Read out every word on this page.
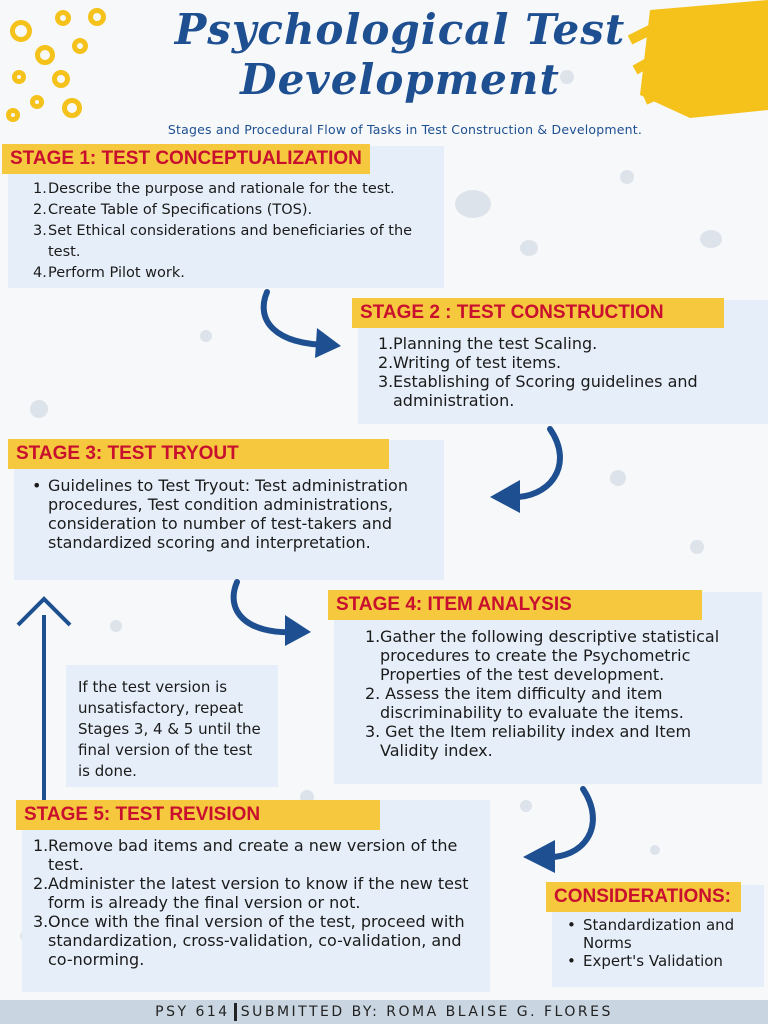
Psychological Test
Development
Stages and Procedural Flow of Tasks in Test Construction & Development.
STAGE 1: TEST CONCEPTUALIZATION
1.Describe the purpose and rationale for the test.
2.Create Table of Specifications (TOS).
3.Set Ethical considerations and beneficiaries of the test.
4.Perform Pilot work.
STAGE 2 : TEST CONSTRUCTION
1.Planning the test Scaling.
2.Writing of test items.
3.Establishing of Scoring guidelines and administration.
STAGE 3: TEST TRYOUT
• Guidelines to Test Tryout: Test administration procedures, Test condition administrations, consideration to number of test-takers and standardized scoring and interpretation.
STAGE 4: ITEM ANALYSIS
1.Gather the following descriptive statistical procedures to create the Psychometric Properties of the test development.
2. Assess the item difficulty and item discriminability to evaluate the items.
3. Get the Item reliability index and Item Validity index.
If the test version is unsatisfactory, repeat Stages 3, 4 & 5 until the final version of the test is done.
STAGE 5: TEST REVISION
1.Remove bad items and create a new version of the test.
2.Administer the latest version to know if the new test form is already the final version or not.
3.Once with the final version of the test, proceed with standardization, cross-validation, co-validation, and co-norming.
CONSIDERATIONS:
• Standardization and Norms
• Expert's Validation
PSY 614 SUBMITTED BY: ROMA BLAISE G. FLORES
